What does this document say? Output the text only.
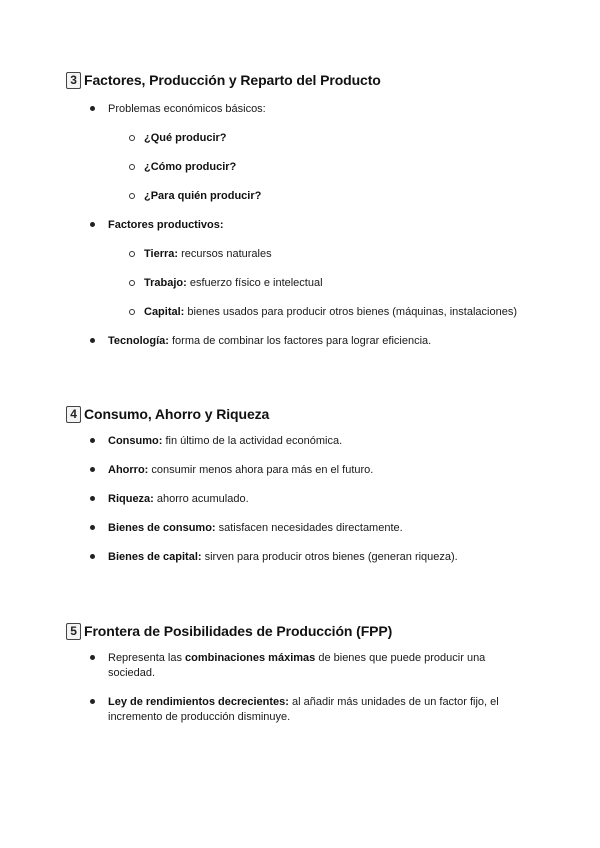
3 Factores, Producción y Reparto del Producto
Problemas económicos básicos:
¿Qué producir?
¿Cómo producir?
¿Para quién producir?
Factores productivos:
Tierra: recursos naturales
Trabajo: esfuerzo físico e intelectual
Capital: bienes usados para producir otros bienes (máquinas, instalaciones)
Tecnología: forma de combinar los factores para lograr eficiencia.
4 Consumo, Ahorro y Riqueza
Consumo: fin último de la actividad económica.
Ahorro: consumir menos ahora para más en el futuro.
Riqueza: ahorro acumulado.
Bienes de consumo: satisfacen necesidades directamente.
Bienes de capital: sirven para producir otros bienes (generan riqueza).
5 Frontera de Posibilidades de Producción (FPP)
Representa las combinaciones máximas de bienes que puede producir una sociedad.
Ley de rendimientos decrecientes: al añadir más unidades de un factor fijo, el incremento de producción disminuye.
